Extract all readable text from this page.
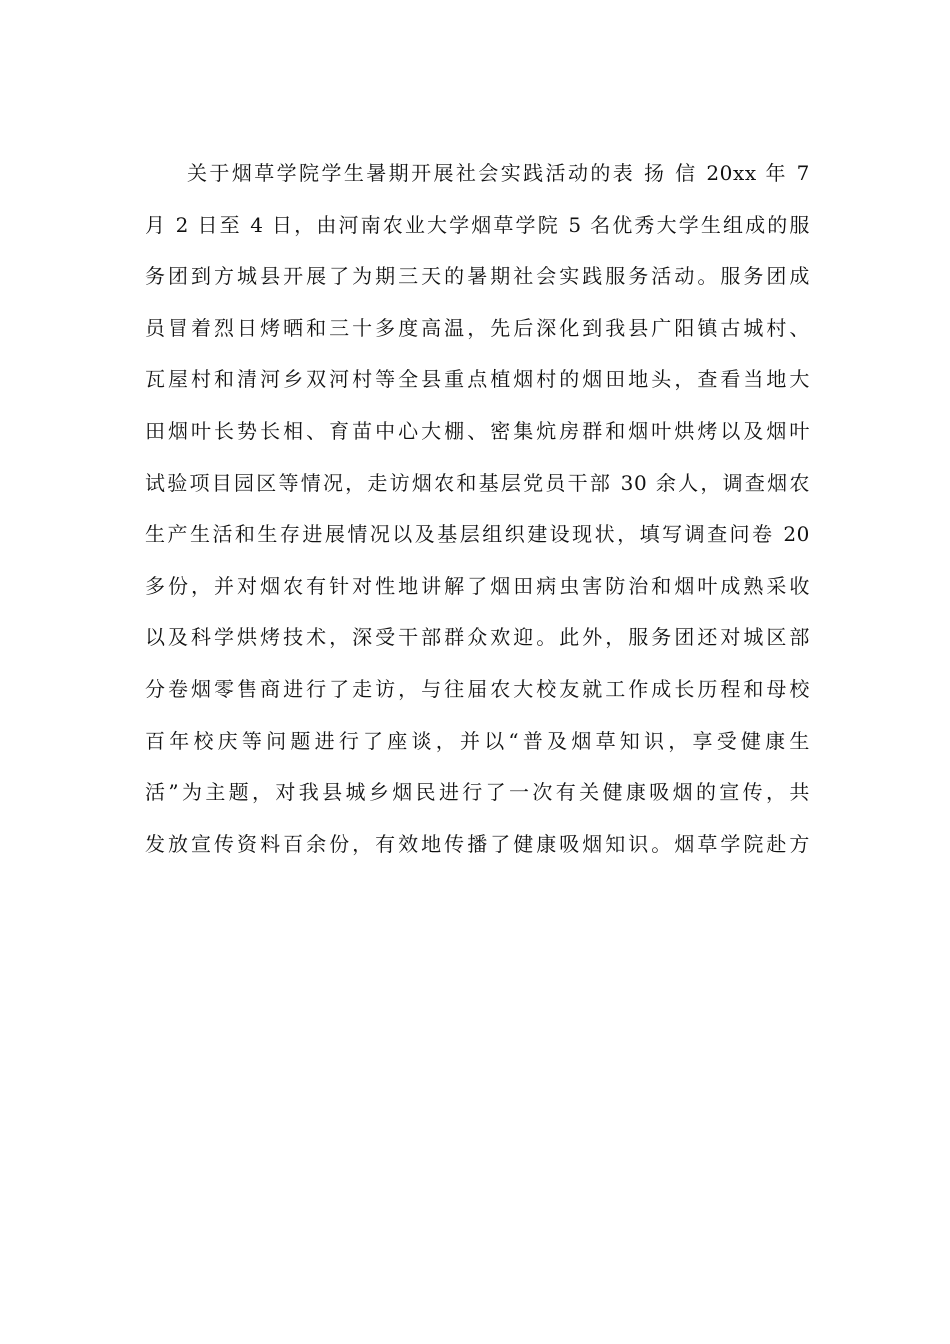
关于烟草学院学生暑期开展社会实践活动的表 扬 信 20xx 年 7
月 2 日至 4 日，由河南农业大学烟草学院 5 名优秀大学生组成的服
务团到方城县开展了为期三天的暑期社会实践服务活动。服务团成
员冒着烈日烤晒和三十多度高温，先后深化到我县广阳镇古城村、
瓦屋村和清河乡双河村等全县重点植烟村的烟田地头，查看当地大
田烟叶长势长相、育苗中心大棚、密集炕房群和烟叶烘烤以及烟叶
试验项目园区等情况，走访烟农和基层党员干部 30 余人，调查烟农
生产生活和生存进展情况以及基层组织建设现状，填写调查问卷 20
多份，并对烟农有针对性地讲解了烟田病虫害防治和烟叶成熟采收
以及科学烘烤技术，深受干部群众欢迎。此外，服务团还对城区部
分卷烟零售商进行了走访，与往届农大校友就工作成长历程和母校
百年校庆等问题进行了座谈，并以“普及烟草知识，享受健康生
活”为主题，对我县城乡烟民进行了一次有关健康吸烟的宣传，共
发放宣传资料百余份，有效地传播了健康吸烟知识。烟草学院赴方
